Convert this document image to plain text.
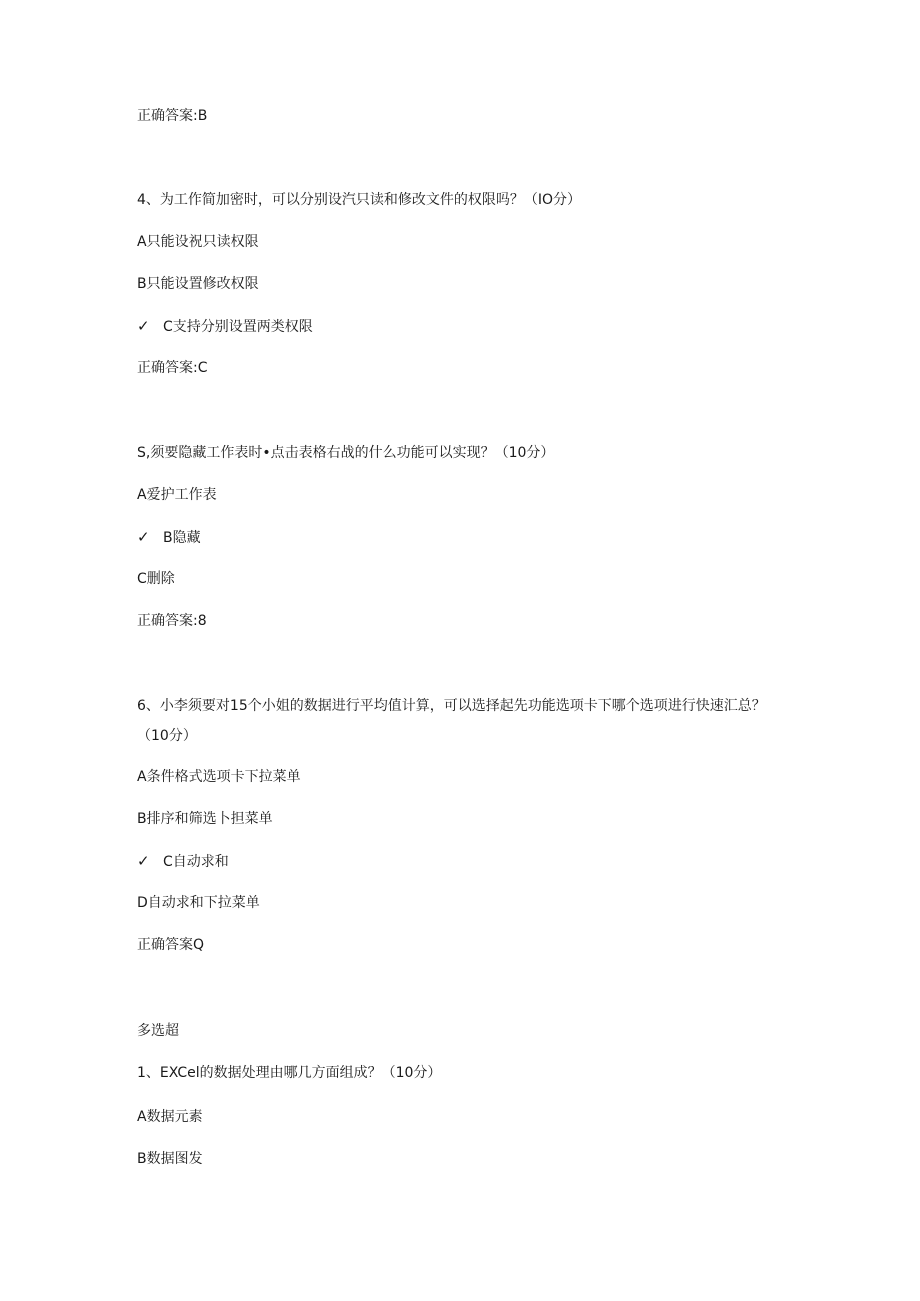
正确答案:B
4、为工作简加密时，可以分别设汽只读和修改文件的权限吗？（IO分）
A只能设祝只读权限
B只能设置修改权限
✓ C支持分别设置两类权限
正确答案:C
S,须要隐藏工作表时•点击表格右战的什么功能可以实现？（10分）
A爱护工作表
✓ B隐藏
C删除
正确答案:8
6、小李须要对15个小姐的数据进行平均值计算，可以选择起先功能选项卡下哪个选项进行快速汇总？（10分）
A条件格式选项卡下拉菜单
B排序和筛选卜担菜单
✓ C自动求和
D自动求和下拉菜单
正确答案Q
多选超
1、EXCel的数据处理由哪几方面组成？（10分）
A数据元素
B数据图发
